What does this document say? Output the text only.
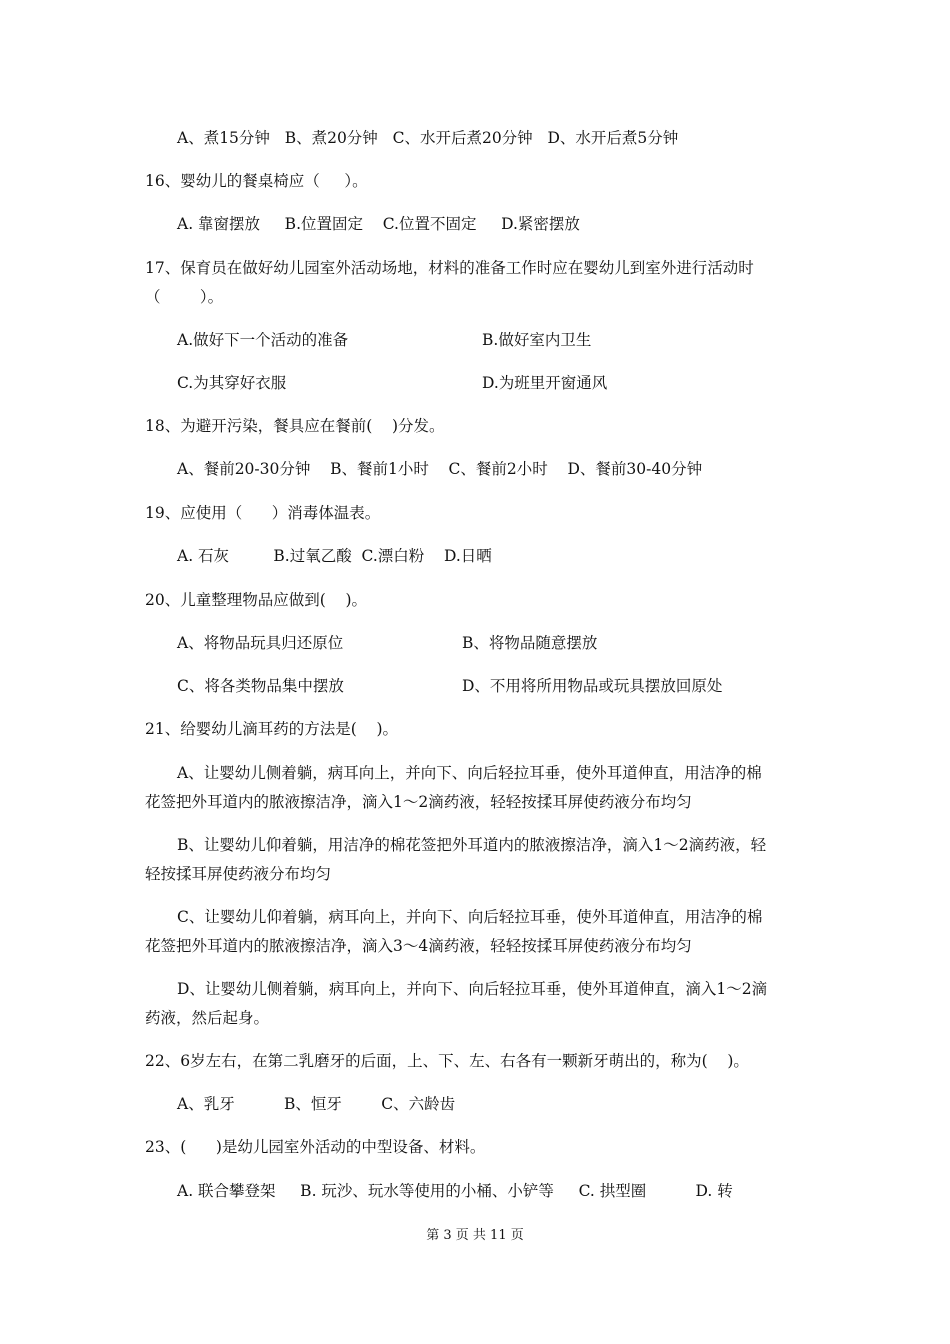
A、煮15分钟   B、煮20分钟   C、水开后煮20分钟   D、水开后煮5分钟
16、婴幼儿的餐桌椅应（     ）。
A. 靠窗摆放     B.位置固定    C.位置不固定     D.紧密摆放
17、保育员在做好幼儿园室外活动场地，材料的准备工作时应在婴幼儿到室外进行活动时
（        ）。
A.做好下一个活动的准备	B.做好室内卫生
C.为其穿好衣服	D.为班里开窗通风
18、为避开污染，餐具应在餐前(    )分发。
A、餐前20-30分钟    B、餐前1小时    C、餐前2小时    D、餐前30-40分钟
19、应使用（      ）消毒体温表。
A. 石灰         B.过氧乙酸  C.漂白粉    D.日晒
20、儿童整理物品应做到(    )。
A、将物品玩具归还原位	B、将物品随意摆放
C、将各类物品集中摆放	D、不用将所用物品或玩具摆放回原处
21、给婴幼儿滴耳药的方法是(    )。
A、让婴幼儿侧着躺，病耳向上，并向下、向后轻拉耳垂，使外耳道伸直，用洁净的棉
花签把外耳道内的脓液擦洁净，滴入1～2滴药液，轻轻按揉耳屏使药液分布均匀
B、让婴幼儿仰着躺，用洁净的棉花签把外耳道内的脓液擦洁净，滴入1～2滴药液，轻
轻按揉耳屏使药液分布均匀
C、让婴幼儿仰着躺，病耳向上，并向下、向后轻拉耳垂，使外耳道伸直，用洁净的棉
花签把外耳道内的脓液擦洁净，滴入3～4滴药液，轻轻按揉耳屏使药液分布均匀
D、让婴幼儿侧着躺，病耳向上，并向下、向后轻拉耳垂，使外耳道伸直，滴入1～2滴
药液，然后起身。
22、6岁左右，在第二乳磨牙的后面，上、下、左、右各有一颗新牙萌出的，称为(    )。
A、乳牙          B、恒牙        C、六龄齿
23、(      )是幼儿园室外活动的中型设备、材料。
A. 联合攀登架     B. 玩沙、玩水等使用的小桶、小铲等     C. 拱型圈          D. 转
第 3 页 共 11 页
